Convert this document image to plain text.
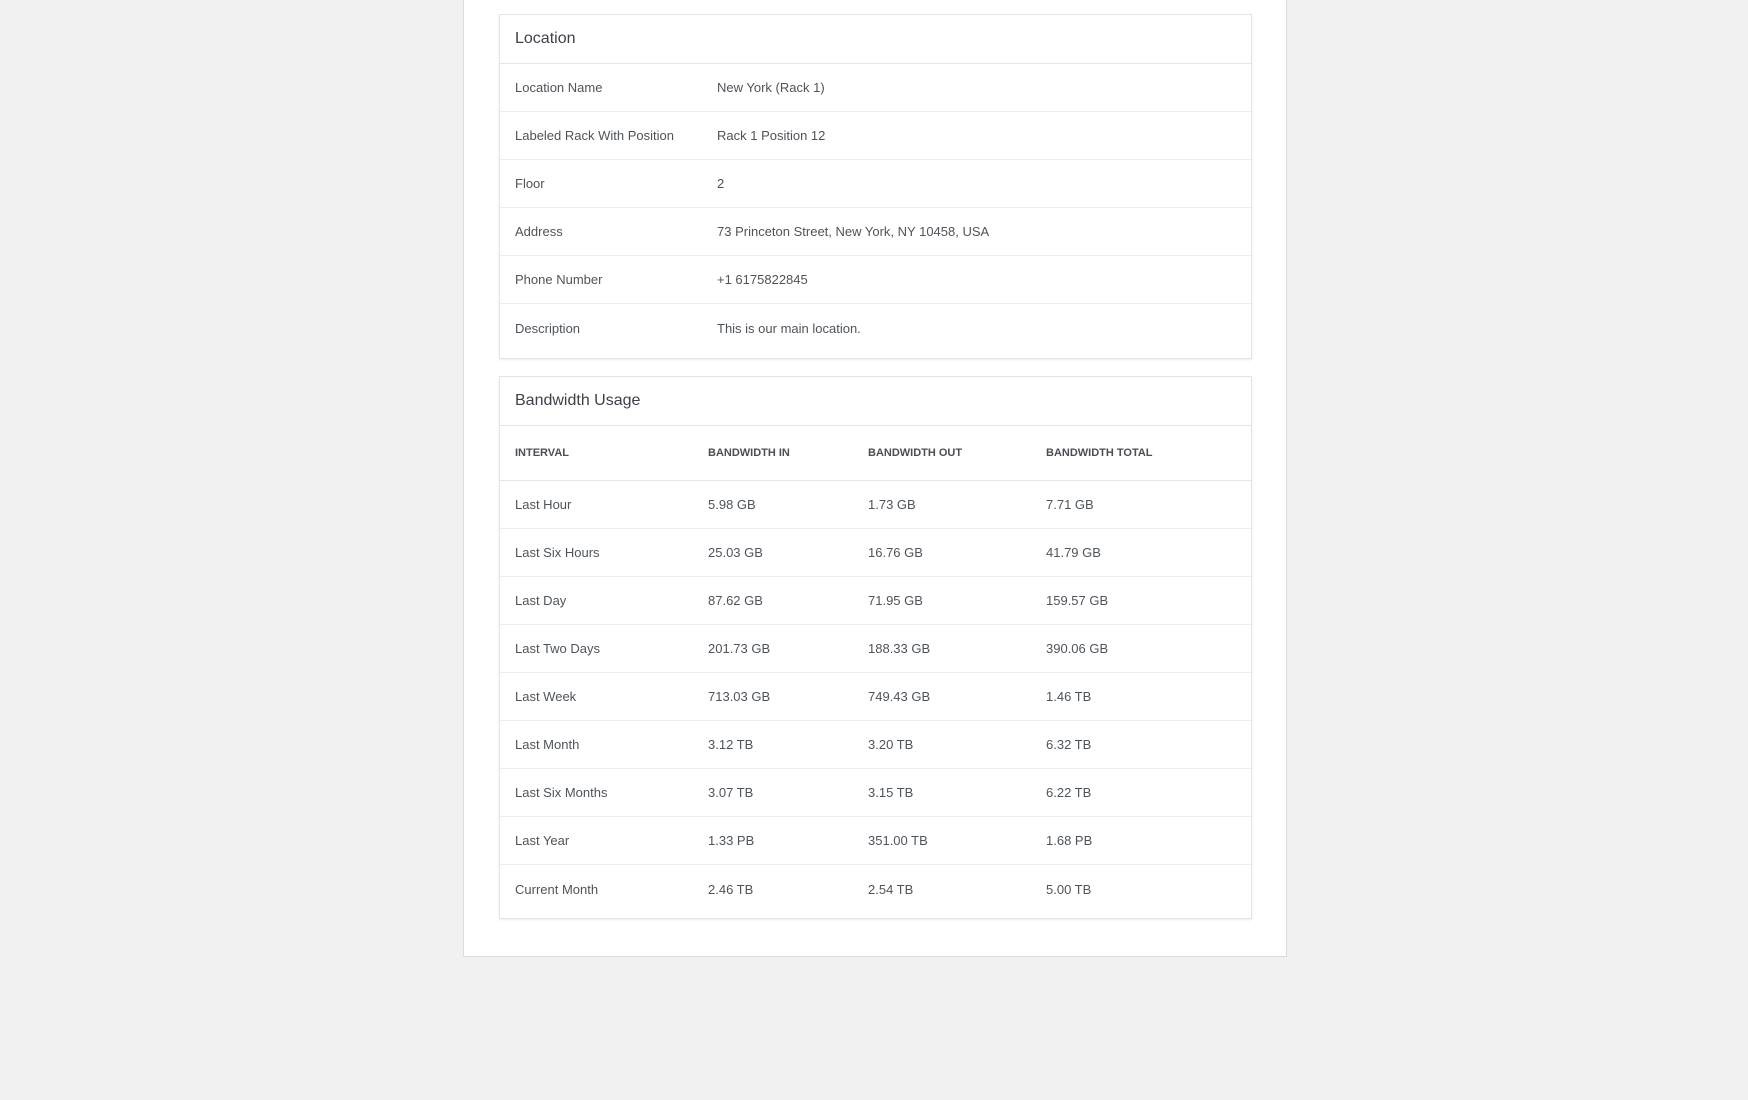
Location
Location Name	New York (Rack 1)
Labeled Rack With Position	Rack 1 Position 12
Floor	2
Address	73 Princeton Street, New York, NY 10458, USA
Phone Number	+1 6175822845
Description	This is our main location.
Bandwidth Usage
INTERVAL	BANDWIDTH IN	BANDWIDTH OUT	BANDWIDTH TOTAL
Last Hour	5.98 GB	1.73 GB	7.71 GB
Last Six Hours	25.03 GB	16.76 GB	41.79 GB
Last Day	87.62 GB	71.95 GB	159.57 GB
Last Two Days	201.73 GB	188.33 GB	390.06 GB
Last Week	713.03 GB	749.43 GB	1.46 TB
Last Month	3.12 TB	3.20 TB	6.32 TB
Last Six Months	3.07 TB	3.15 TB	6.22 TB
Last Year	1.33 PB	351.00 TB	1.68 PB
Current Month	2.46 TB	2.54 TB	5.00 TB
